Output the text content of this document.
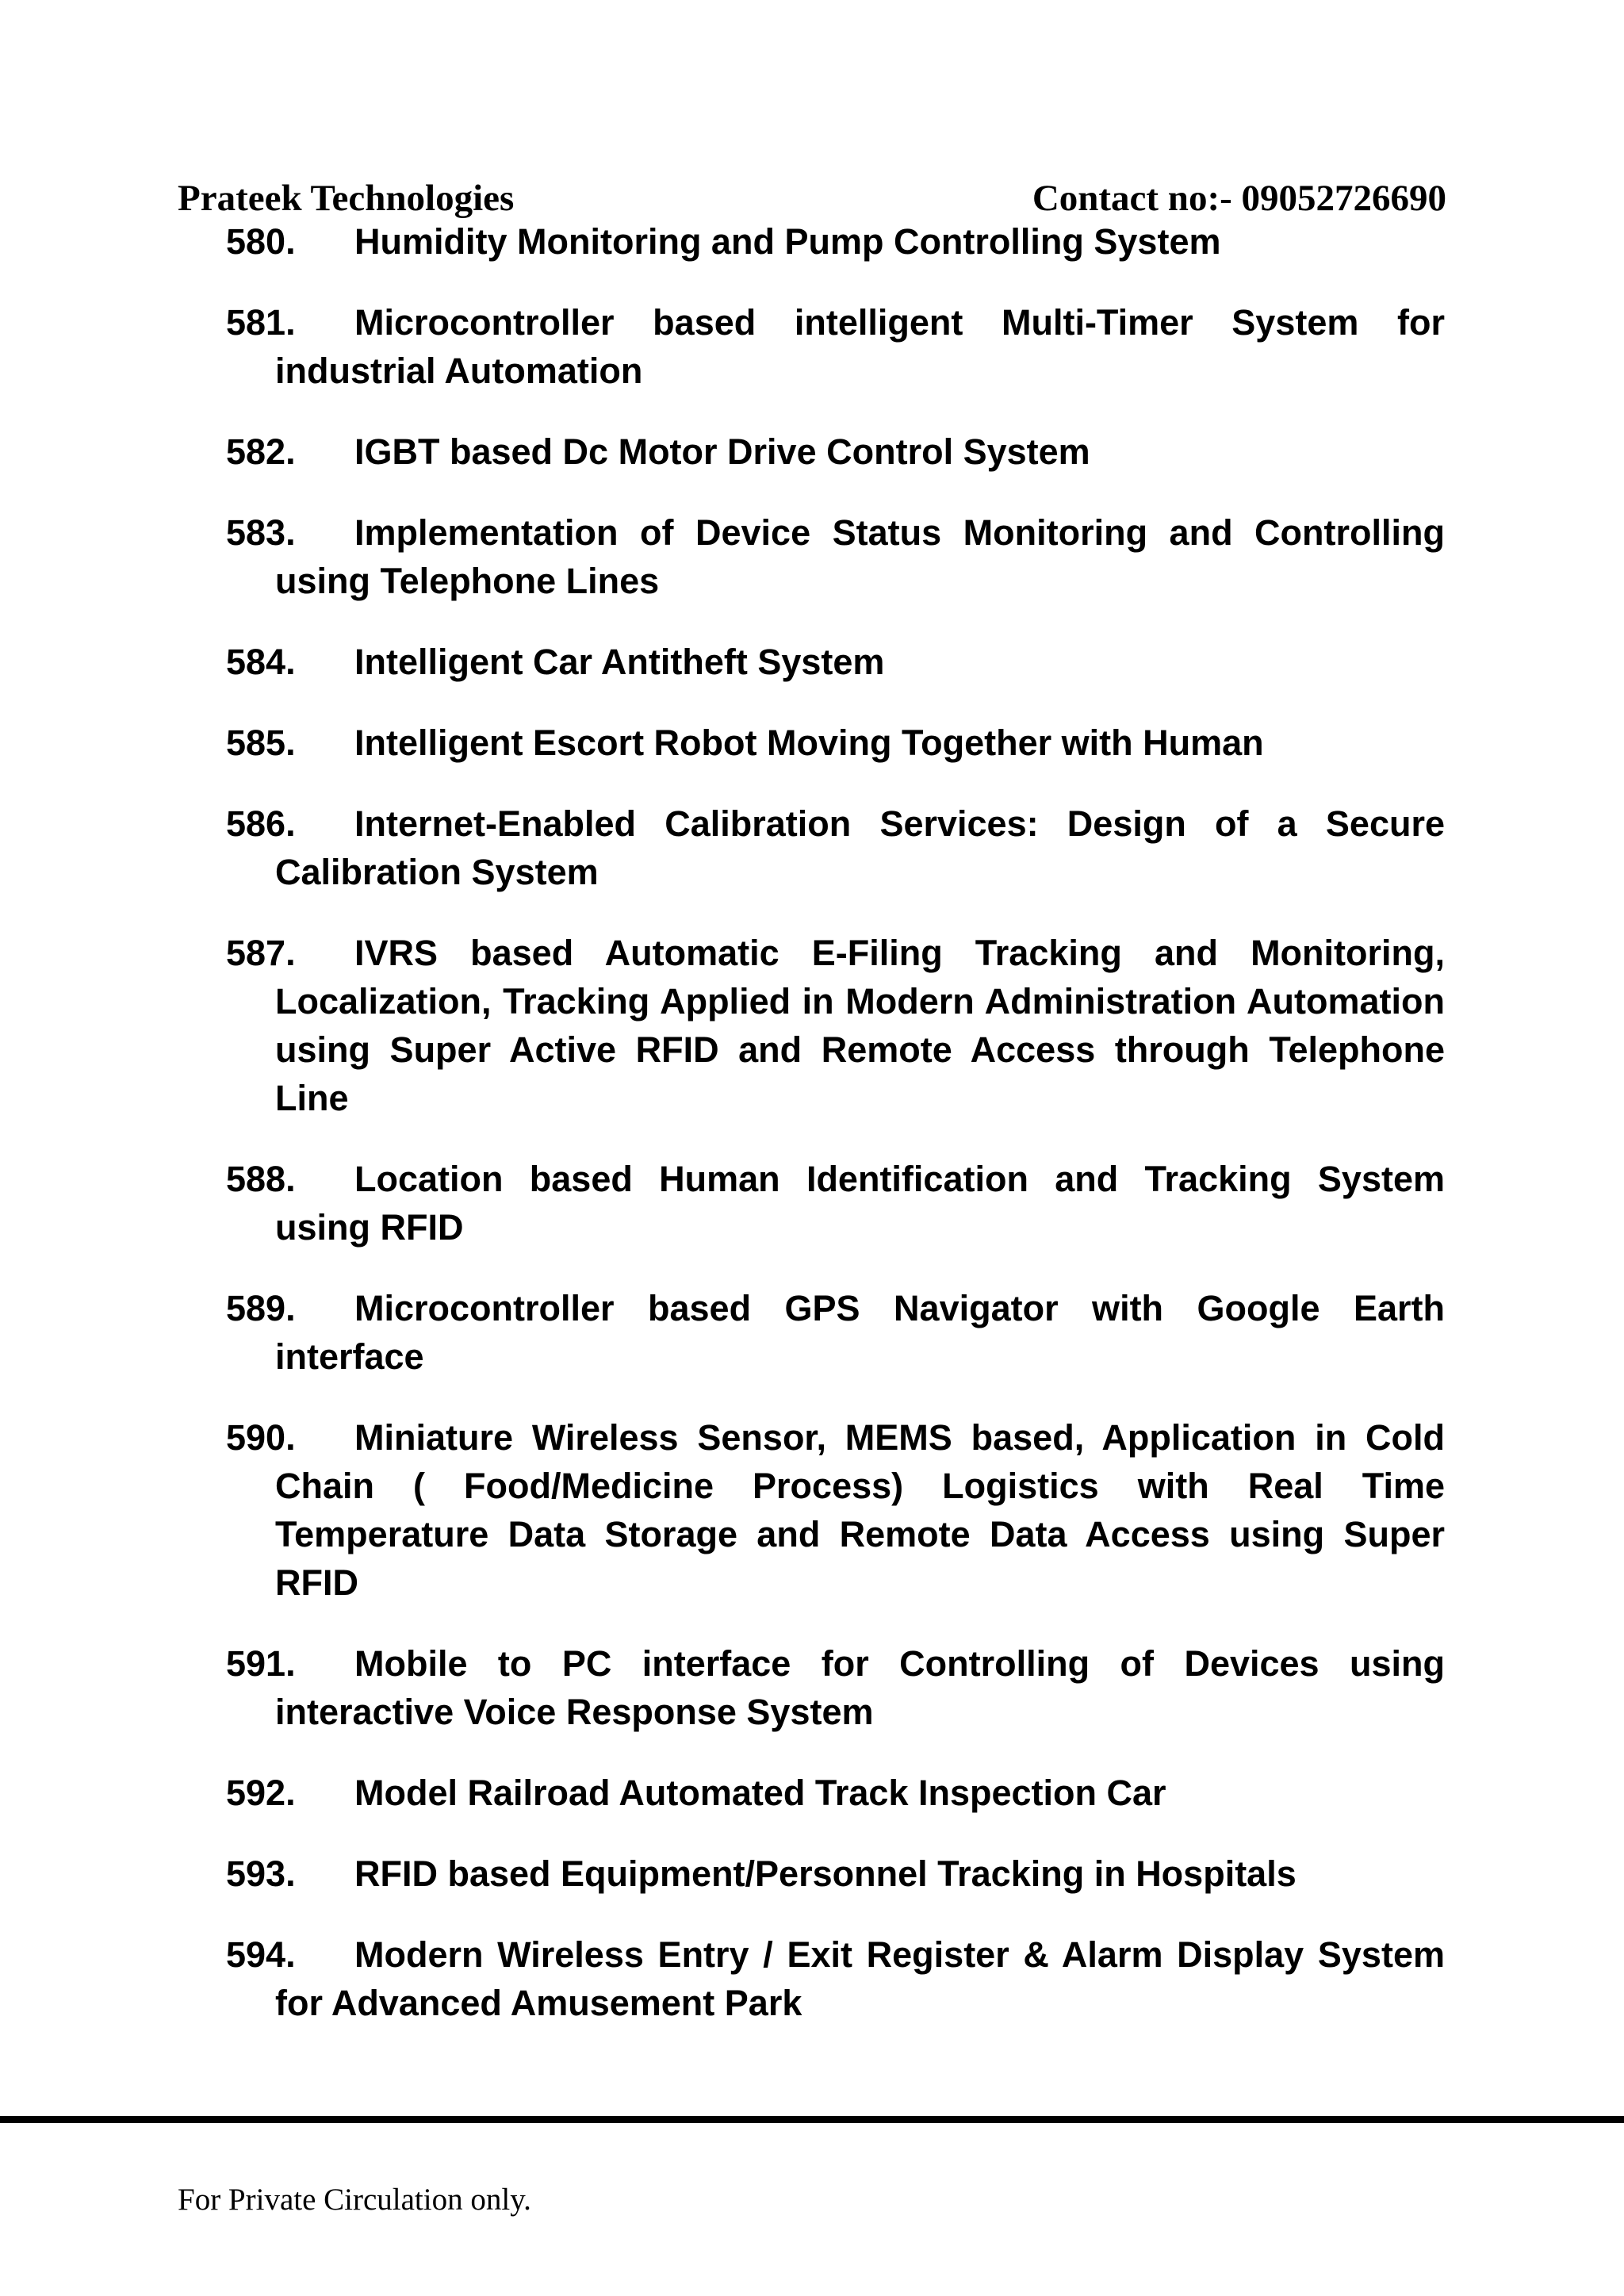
Prateek Technologies	Contact no:- 09052726690
580. Humidity Monitoring and Pump Controlling System
581. Microcontroller based intelligent Multi-Timer System for industrial Automation
582. IGBT based Dc Motor Drive Control System
583. Implementation of Device Status Monitoring and Controlling using Telephone Lines
584. Intelligent Car Antitheft System
585. Intelligent Escort Robot Moving Together with Human
586. Internet-Enabled Calibration Services: Design of a Secure Calibration System
587. IVRS based Automatic E-Filing Tracking and Monitoring, Localization, Tracking Applied in Modern Administration Automation using Super Active RFID and Remote Access through Telephone Line
588. Location based Human Identification and Tracking System using RFID
589. Microcontroller based GPS Navigator with Google Earth interface
590. Miniature Wireless Sensor, MEMS based, Application in Cold Chain ( Food/Medicine Process) Logistics with Real Time Temperature Data Storage and Remote Data Access using Super RFID
591. Mobile to PC interface for Controlling of Devices using interactive Voice Response System
592. Model Railroad Automated Track Inspection Car
593. RFID based Equipment/Personnel Tracking in Hospitals
594. Modern Wireless Entry / Exit Register & Alarm Display System for Advanced Amusement Park
For Private Circulation only.
